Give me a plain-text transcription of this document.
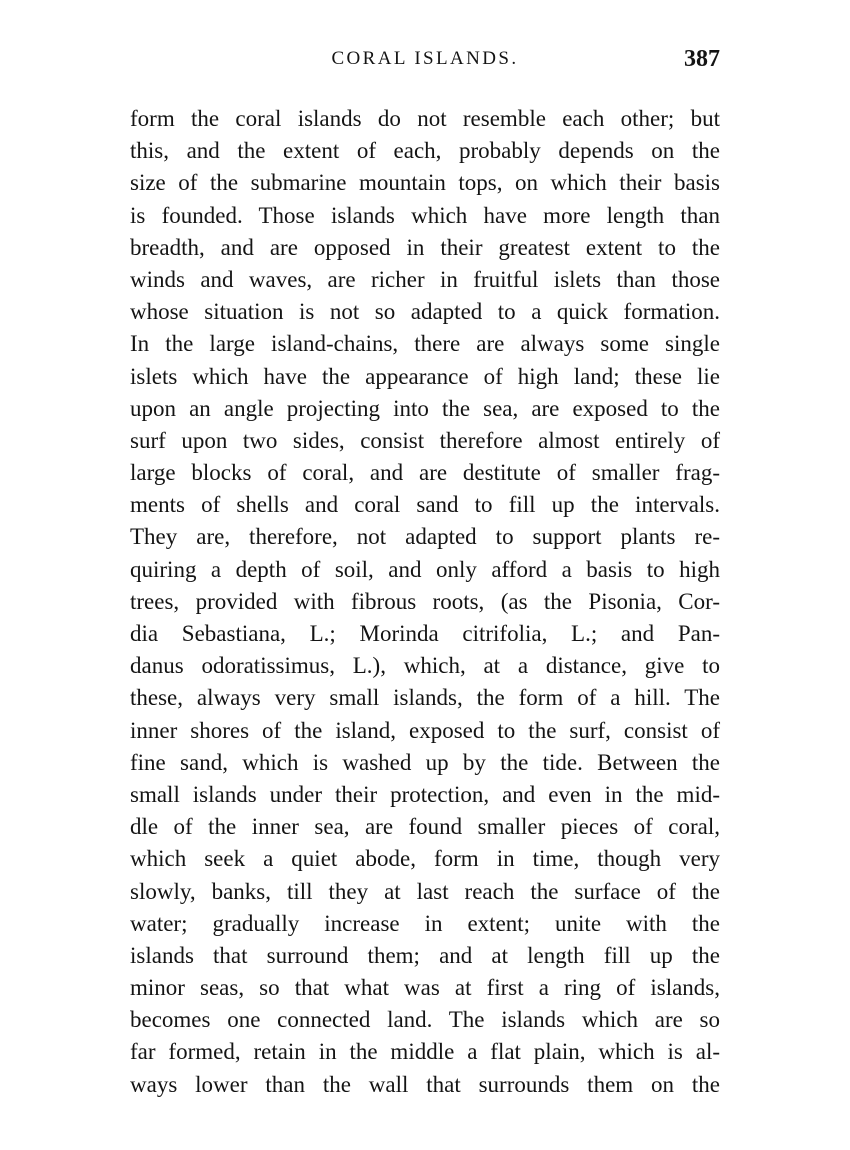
CORAL ISLANDS.	387
form the coral islands do not resemble each other; but
this, and the extent of each, probably depends on the
size of the submarine mountain tops, on which their basis
is founded. Those islands which have more length than
breadth, and are opposed in their greatest extent to the
winds and waves, are richer in fruitful islets than those
whose situation is not so adapted to a quick formation.
In the large island-chains, there are always some single
islets which have the appearance of high land; these lie
upon an angle projecting into the sea, are exposed to the
surf upon two sides, consist therefore almost entirely of
large blocks of coral, and are destitute of smaller frag-
ments of shells and coral sand to fill up the intervals.
They are, therefore, not adapted to support plants re-
quiring a depth of soil, and only afford a basis to high
trees, provided with fibrous roots, (as the Pisonia, Cor-
dia Sebastiana, L.; Morinda citrifolia, L.; and Pan-
danus odoratissimus, L.), which, at a distance, give to
these, always very small islands, the form of a hill. The
inner shores of the island, exposed to the surf, consist of
fine sand, which is washed up by the tide. Between the
small islands under their protection, and even in the mid-
dle of the inner sea, are found smaller pieces of coral,
which seek a quiet abode, form in time, though very
slowly, banks, till they at last reach the surface of the
water; gradually increase in extent; unite with the
islands that surround them; and at length fill up the
minor seas, so that what was at first a ring of islands,
becomes one connected land. The islands which are so
far formed, retain in the middle a flat plain, which is al-
ways lower than the wall that surrounds them on the
